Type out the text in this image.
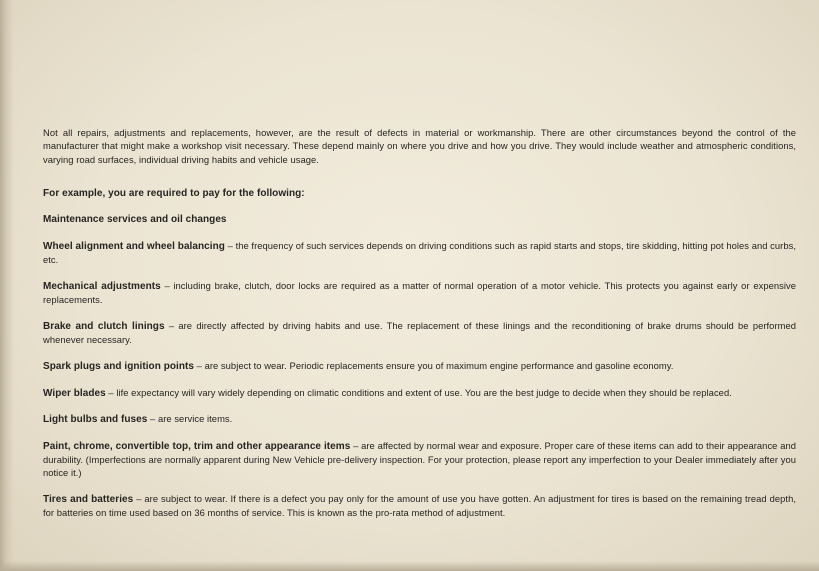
Not all repairs, adjustments and replacements, however, are the result of defects in material or workmanship. There are other circumstances beyond the control of the manufacturer that might make a workshop visit necessary. These depend mainly on where you drive and how you drive. They would include weather and atmospheric conditions, varying road surfaces, individual driving habits and vehicle usage.

For example, you are required to pay for the following:

Maintenance services and oil changes

Wheel alignment and wheel balancing – the frequency of such services depends on driving conditions such as rapid starts and stops, tire skidding, hitting pot holes and curbs, etc.

Mechanical adjustments – including brake, clutch, door locks are required as a matter of normal operation of a motor vehicle. This protects you against early or expensive replacements.

Brake and clutch linings – are directly affected by driving habits and use. The replacement of these linings and the reconditioning of brake drums should be performed whenever necessary.

Spark plugs and ignition points – are subject to wear. Periodic replacements ensure you of maximum engine performance and gasoline economy.

Wiper blades – life expectancy will vary widely depending on climatic conditions and extent of use. You are the best judge to decide when they should be replaced.

Light bulbs and fuses – are service items.

Paint, chrome, convertible top, trim and other appearance items – are affected by normal wear and exposure. Proper care of these items can add to their appearance and durability. (Imperfections are normally apparent during New Vehicle pre-delivery inspection. For your protection, please report any imperfection to your Dealer immediately after you notice it.)

Tires and batteries – are subject to wear. If there is a defect you pay only for the amount of use you have gotten. An adjustment for tires is based on the remaining tread depth, for batteries on time used based on 36 months of service. This is known as the pro-rata method of adjustment.
